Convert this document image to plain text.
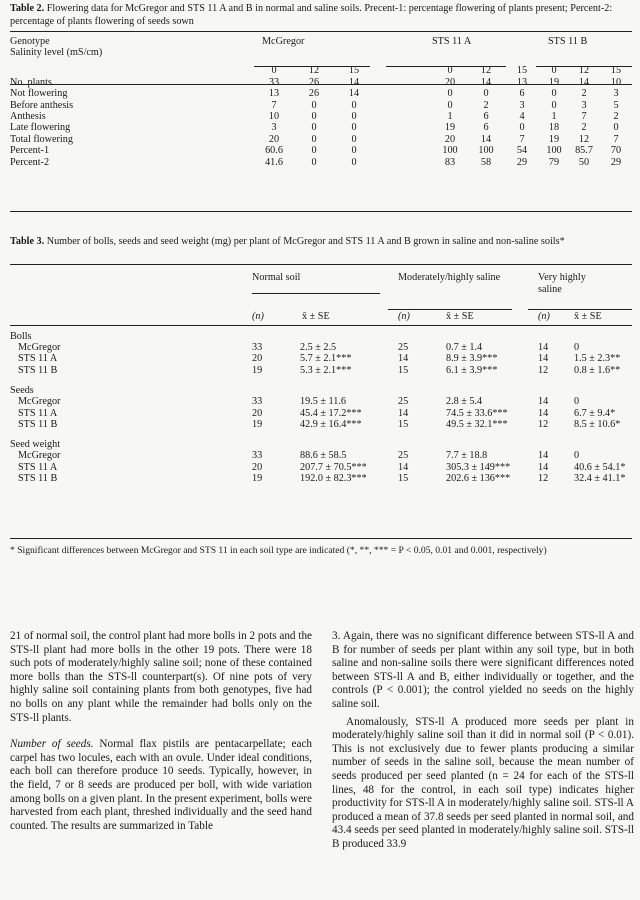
Table 2. Flowering data for McGregor and STS 11 A and B in normal and saline soils. Precent-1: percentage flowering of plants present; Percent-2: percentage of plants flowering of seeds sown
Genotype	McGregor				STS 11 A			STS 11 B		
Salinity level (mS/cm)										
	0	12	15		0	12	15	0	12	15
No. plants	33	26	14		20	14	13	19	14	10
Not flowering	13	26	14		0	0	6	0	2	3
Before anthesis	7	0	0		0	2	3	0	3	5
Anthesis	10	0	0		1	6	4	1	7	2
Late flowering	3	0	0		19	6	0	18	2	0
Total flowering	20	0	0		20	14	7	19	12	7
Percent-1	60.6	0	0		100	100	54	100	85.7	70
Percent-2	41.6	0	0		83	58	29	79	50	29
Table 3. Number of bolls, seeds and seed weight (mg) per plant of McGregor and STS 11 A and B grown in saline and non-saline soils*
	Normal soil		Moderately/highly saline		Very highly saline	
	(n)	x̄ ± SE	(n)	x̄ ± SE	(n)	x̄ ± SE
Bolls						
McGregor	33	2.5 ± 2.5	25	0.7 ± 1.4	14	0
STS 11 A	20	5.7 ± 2.1***	14	8.9 ± 3.9***	14	1.5 ± 2.3**
STS 11 B	19	5.3 ± 2.1***	15	6.1 ± 3.9***	12	0.8 ± 1.6**
Seeds						
McGregor	33	19.5 ± 11.6	25	2.8 ± 5.4	14	0
STS 11 A	20	45.4 ± 17.2***	14	74.5 ± 33.6***	14	6.7 ± 9.4*
STS 11 B	19	42.9 ± 16.4***	15	49.5 ± 32.1***	12	8.5 ± 10.6*
Seed weight						
McGregor	33	88.6 ± 58.5	25	7.7 ± 18.8	14	0
STS 11 A	20	207.7 ± 70.5***	14	305.3 ± 149***	14	40.6 ± 54.1*
STS 11 B	19	192.0 ± 82.3***	15	202.6 ± 136***	12	32.4 ± 41.1*
* Significant differences between McGregor and STS 11 in each soil type are indicated (*, **, *** = P < 0.05, 0.01 and 0.001, respectively)

21 of normal soil, the control plant had more bolls in 2 pots and the STS-ll plant had more bolls in the other 19 pots. There were 18 such pots of moderately/highly saline soil; none of these contained more bolls than the STS-ll counterpart(s). Of nine pots of very highly saline soil containing plants from both genotypes, five had no bolls on any plant while the remainder had bolls only on the STS-ll plants.

Number of seeds. Normal flax pistils are pentacarpellate; each carpel has two locules, each with an ovule. Under ideal conditions, each boll can therefore produce 10 seeds. Typically, however, in the field, 7 or 8 seeds are produced per boll, with wide variation among bolls on a given plant. In the present experiment, bolls were harvested from each plant, threshed individually and the seed hand counted. The results are summarized in Table

3. Again, there was no significant difference between STS-ll A and B for number of seeds per plant within any soil type, but in both saline and non-saline soils there were significant differences noted between STS-ll A and B, either individually or together, and the controls (P < 0.001); the control yielded no seeds on the highly saline soil.

Anomalously, STS-ll A produced more seeds per plant in moderately/highly saline soil than it did in normal soil (P < 0.01). This is not exclusively due to fewer plants producing a similar number of seeds in the saline soil, because the mean number of seeds produced per seed planted (n = 24 for each of the STS-ll lines, 48 for the control, in each soil type) indicates higher productivity for STS-ll A in moderately/highly saline soil. STS-ll A produced a mean of 37.8 seeds per seed planted in normal soil, and 43.4 seeds per seed planted in moderately/highly saline soil. STS-ll B produced 33.9
